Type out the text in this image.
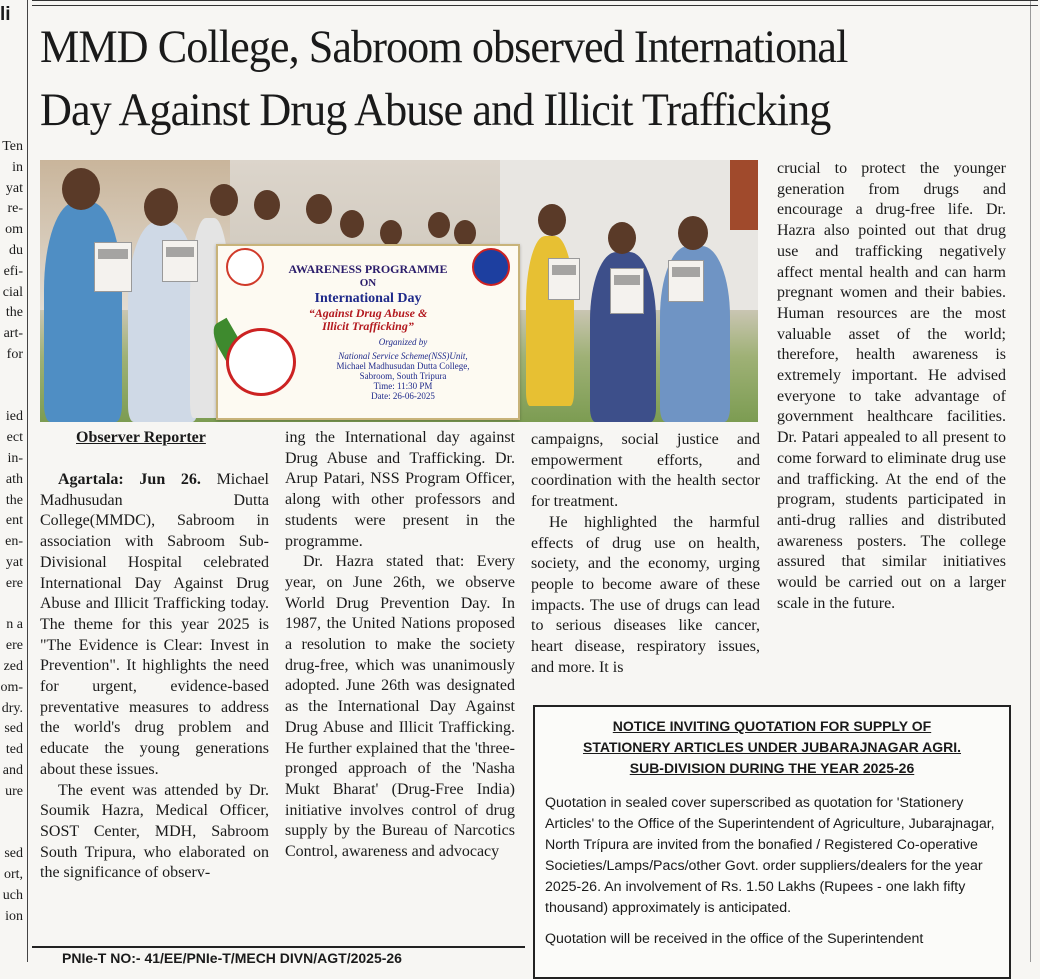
li
Ten
in
yat
re-
om
du
efi-
cial
the
art-
for
ied
ect
in-
ath
the
ent
en-
yat
ere
n a
ere
zed
om-
dry.
sed
ted
and
ure
sed
ort,
uch
ion
MMD College, Sabroom observed International
Day Against Drug Abuse and Illicit Trafficking
AWARENESS PROGRAMME
ON
International Day
“Against Drug Abuse &
Illicit Trafficking”
Organized by
National Service Scheme(NSS)Unit,
Michael Madhusudan Dutta College,
Sabroom, South Tripura
Time: 11:30 PM
Date: 26-06-2025
Observer Reporter

Agartala: Jun 26. Michael Madhusudan Dutta College(MMDC), Sabroom in association with Sabroom Sub-Divisional Hospital celebrated International Day Against Drug Abuse and Illicit Trafficking today. The theme for this year 2025 is "The Evidence is Clear: Invest in Prevention". It highlights the need for urgent, evidence-based preventative measures to address the world's drug problem and educate the young generations about these issues.

The event was attended by Dr. Soumik Hazra, Medical Officer, SOST Center, MDH, Sabroom South Tripura, who elaborated on the significance of observ-

ing the International day against Drug Abuse and Trafficking. Dr. Arup Patari, NSS Program Officer, along with other professors and students were present in the programme.

Dr. Hazra stated that: Every year, on June 26th, we observe World Drug Prevention Day. In 1987, the United Nations proposed a resolution to make the society drug-free, which was unanimously adopted. June 26th was designated as the International Day Against Drug Abuse and Illicit Trafficking. He further explained that the 'three-pronged approach of the 'Nasha Mukt Bharat' (Drug-Free India) initiative involves control of drug supply by the Bureau of Narcotics Control, awareness and advocacy

campaigns, social justice and empowerment efforts, and coordination with the health sector for treatment.

He highlighted the harmful effects of drug use on health, society, and the economy, urging people to become aware of these impacts. The use of drugs can lead to serious diseases like cancer, heart disease, respiratory issues, and more. It is

crucial to protect the younger generation from drugs and encourage a drug-free life. Dr. Hazra also pointed out that drug use and trafficking negatively affect mental health and can harm pregnant women and their babies. Human resources are the most valuable asset of the world; therefore, health awareness is extremely important. He advised everyone to take advantage of government healthcare facilities. Dr. Patari appealed to all present to come forward to eliminate drug use and trafficking. At the end of the program, students participated in anti-drug rallies and distributed awareness posters. The college assured that similar initiatives would be carried out on a larger scale in the future.

NOTICE INVITING QUOTATION FOR SUPPLY OF
STATIONERY ARTICLES UNDER JUBARAJNAGAR AGRI.
SUB-DIVISION DURING THE YEAR 2025-26
Quotation in sealed cover superscribed as quotation for 'Stationery Articles' to the Office of the Superintendent of Agriculture, Jubarajnagar, North Trípura are invited from the bonafied / Registered Co-operative Societies/Lamps/Pacs/other Govt. order suppliers/dealers for the year 2025-26. An involvement of Rs. 1.50 Lakhs (Rupees - one lakh fifty thousand) approximately is anticipated.
Quotation will be received in the office of the Superintendent
PNIe-T NO:- 41/EE/PNIe-T/MECH DIVN/AGT/2025-26
